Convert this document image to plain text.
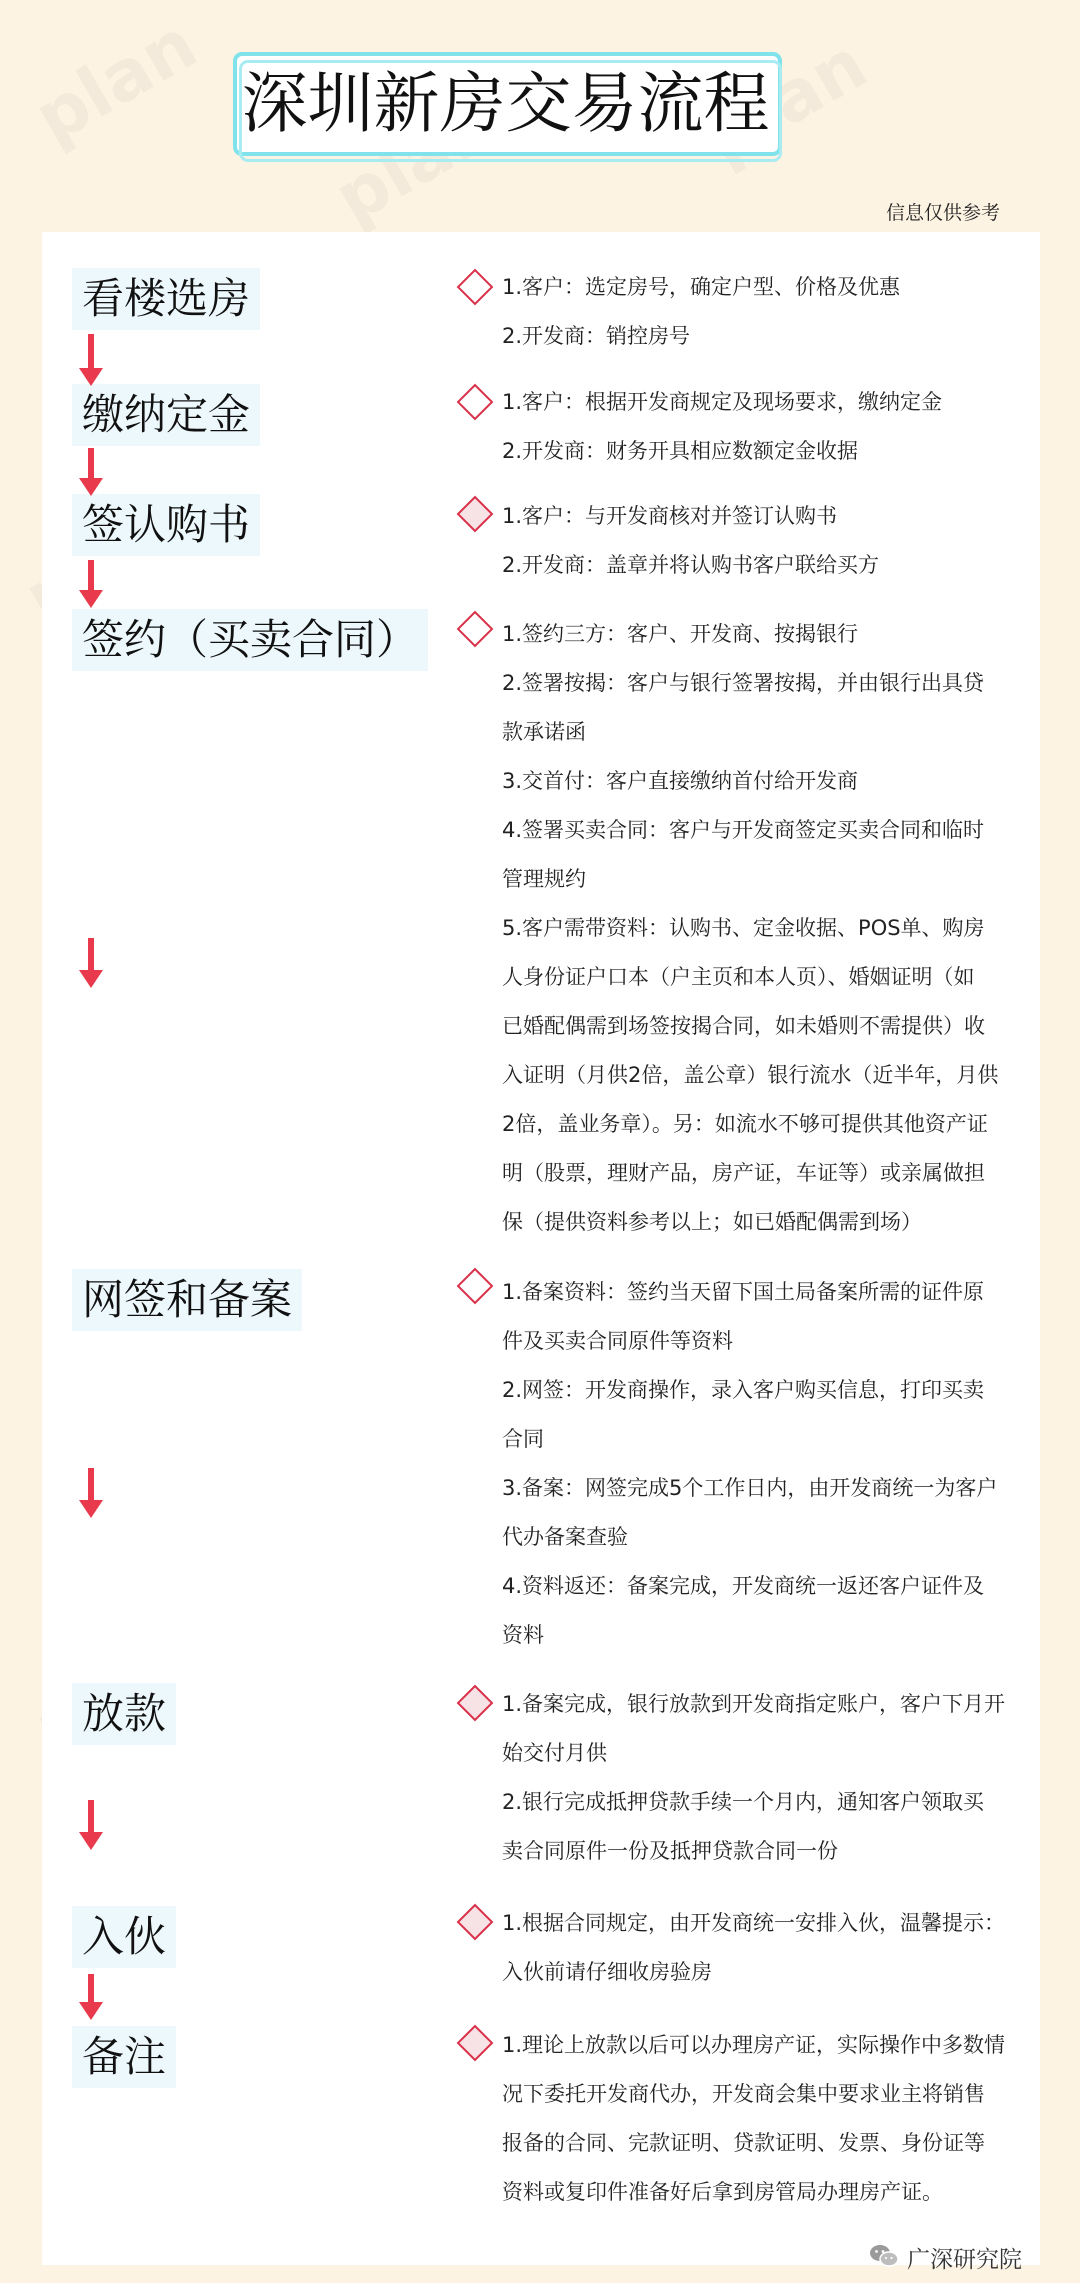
深圳新房交易流程
信息仅供参考
看楼选房
缴纳定金
签认购书
签约（买卖合同）
网签和备案
放款
入伙
备注
1.客户：选定房号，确定户型、价格及优惠
2.开发商：销控房号
1.客户：根据开发商规定及现场要求，缴纳定金
2.开发商：财务开具相应数额定金收据
1.客户：与开发商核对并签订认购书
2.开发商：盖章并将认购书客户联给买方
1.签约三方：客户、开发商、按揭银行
2.签署按揭：客户与银行签署按揭，并由银行出具贷
款承诺函
3.交首付：客户直接缴纳首付给开发商
4.签署买卖合同：客户与开发商签定买卖合同和临时
管理规约
5.客户需带资料：认购书、定金收据、POS单、购房
人身份证户口本（户主页和本人页）、婚姻证明（如
已婚配偶需到场签按揭合同，如未婚则不需提供）收
入证明（月供2倍，盖公章）银行流水（近半年，月供
2倍，盖业务章）。另：如流水不够可提供其他资产证
明（股票，理财产品，房产证，车证等）或亲属做担
保（提供资料参考以上；如已婚配偶需到场）
1.备案资料：签约当天留下国土局备案所需的证件原
件及买卖合同原件等资料
2.网签：开发商操作，录入客户购买信息，打印买卖
合同
3.备案：网签完成5个工作日内，由开发商统一为客户
代办备案查验
4.资料返还：备案完成，开发商统一返还客户证件及
资料
1.备案完成，银行放款到开发商指定账户，客户下月开
始交付月供
2.银行完成抵押贷款手续一个月内，通知客户领取买
卖合同原件一份及抵押贷款合同一份
1.根据合同规定，由开发商统一安排入伙，温馨提示：
入伙前请仔细收房验房
1.理论上放款以后可以办理房产证，实际操作中多数情
况下委托开发商代办，开发商会集中要求业主将销售
报备的合同、完款证明、贷款证明、发票、身份证等
资料或复印件准备好后拿到房管局办理房产证。
广深研究院
